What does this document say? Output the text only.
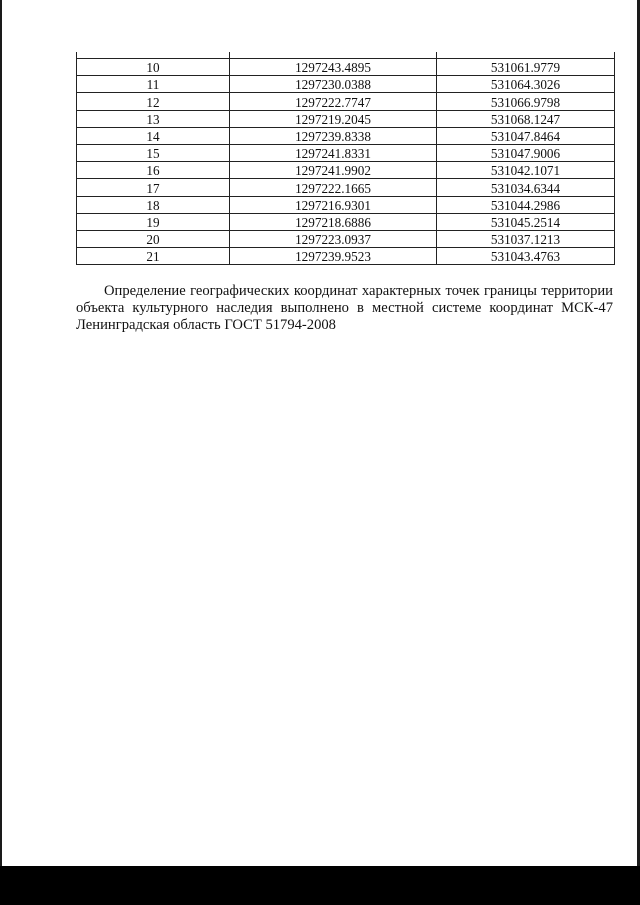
10	1297243.4895	531061.9779
11	1297230.0388	531064.3026
12	1297222.7747	531066.9798
13	1297219.2045	531068.1247
14	1297239.8338	531047.8464
15	1297241.8331	531047.9006
16	1297241.9902	531042.1071
17	1297222.1665	531034.6344
18	1297216.9301	531044.2986
19	1297218.6886	531045.2514
20	1297223.0937	531037.1213
21	1297239.9523	531043.4763

Определение географических координат характерных точек границы территории объекта культурного наследия выполнено в местной системе координат МСК-47 Ленинградская область ГОСТ 51794-2008
